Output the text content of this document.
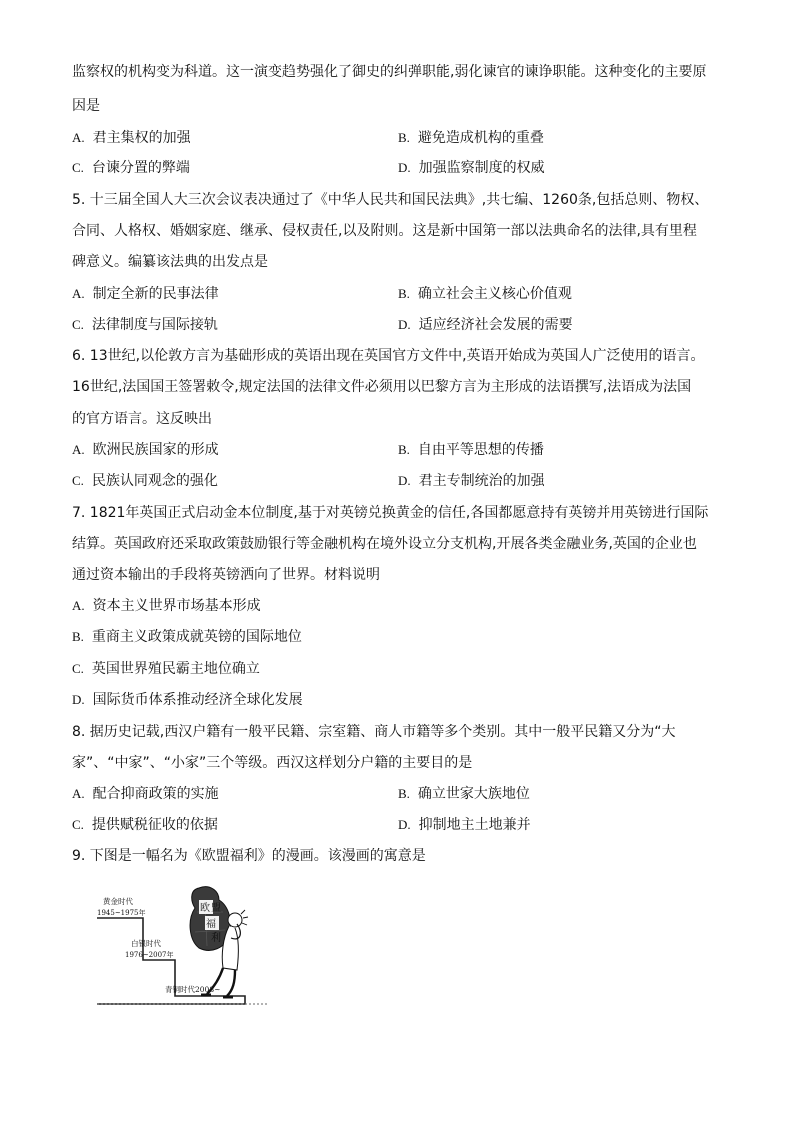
监察权的机构变为科道。这一演变趋势强化了御史的纠弹职能,弱化谏官的谏诤职能。这种变化的主要原
因是
A. 君主集权的加强	B. 避免造成机构的重叠
C. 台谏分置的弊端	D. 加强监察制度的权威
5. 十三届全国人大三次会议表决通过了《中华人民共和国民法典》,共七编、1260条,包括总则、物权、
合同、人格权、婚姻家庭、继承、侵权责任,以及附则。这是新中国第一部以法典命名的法律,具有里程
碑意义。编纂该法典的出发点是
A. 制定全新的民事法律	B. 确立社会主义核心价值观
C. 法律制度与国际接轨	D. 适应经济社会发展的需要
6. 13世纪,以伦敦方言为基础形成的英语出现在英国官方文件中,英语开始成为英国人广泛使用的语言。
16世纪,法国国王签署敕令,规定法国的法律文件必须用以巴黎方言为主形成的法语撰写,法语成为法国
的官方语言。这反映出
A. 欧洲民族国家的形成	B. 自由平等思想的传播
C. 民族认同观念的强化	D. 君主专制统治的加强
7. 1821年英国正式启动金本位制度,基于对英镑兑换黄金的信任,各国都愿意持有英镑并用英镑进行国际
结算。英国政府还采取政策鼓励银行等金融机构在境外设立分支机构,开展各类金融业务,英国的企业也
通过资本输出的手段将英镑洒向了世界。材料说明
A. 资本主义世界市场基本形成
B. 重商主义政策成就英镑的国际地位
C. 英国世界殖民霸主地位确立
D. 国际货币体系推动经济全球化发展
8. 据历史记载,西汉户籍有一般平民籍、宗室籍、商人市籍等多个类别。其中一般平民籍又分为“大
家”、“中家”、“小家”三个等级。西汉这样划分户籍的主要目的是
A. 配合抑商政策的实施	B. 确立世家大族地位
C. 提供赋税征收的依据	D. 抑制地主土地兼并
9. 下图是一幅名为《欧盟福利》的漫画。该漫画的寓意是
黄金时代
1945~1975年
白银时代
1976~2007年
青铜时代2008~
欧 盟
福
利
